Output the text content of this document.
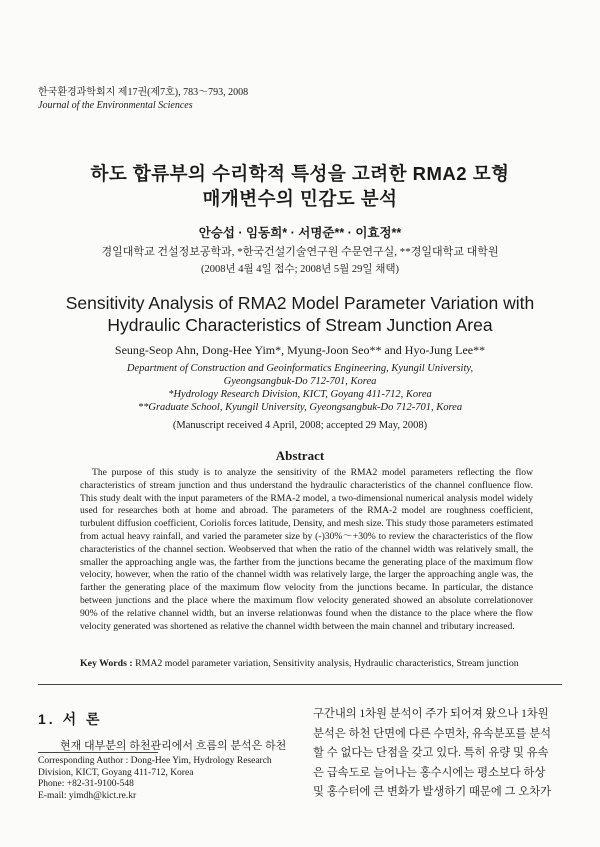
한국환경과학회지 제17권(제7호), 783～793, 2008
Journal of the Environmental Sciences
하도 합류부의 수리학적 특성을 고려한 RMA2 모형
매개변수의 민감도 분석
안승섭 · 임동희* · 서명준** · 이효정**
경일대학교 건설정보공학과, *한국건설기술연구원 수문연구실, **경일대학교 대학원
(2008년 4월 4일 접수; 2008년 5월 29일 채택)
Sensitivity Analysis of RMA2 Model Parameter Variation with
Hydraulic Characteristics of Stream Junction Area
Seung-Seop Ahn, Dong-Hee Yim*, Myung-Joon Seo** and Hyo-Jung Lee**
Department of Construction and Geoinformatics Engineering, Kyungil University,
Gyeongsangbuk-Do 712-701, Korea
*Hydrology Research Division, KICT, Goyang 411-712, Korea
**Graduate School, Kyungil University, Gyeongsangbuk-Do 712-701, Korea
(Manuscript received 4 April, 2008; accepted 29 May, 2008)
Abstract

The purpose of this study is to analyze the sensitivity of the RMA2 model parameters reflecting the flow characteristics of stream junction and thus understand the hydraulic characteristics of the channel confluence flow. This study dealt with the input parameters of the RMA-2 model, a two-dimensional numerical analysis model widely used for researches both at home and abroad. The parameters of the RMA-2 model are roughness coefficient, turbulent diffusion coefficient, Coriolis forces latitude, Density, and mesh size. This study those parameters estimated from actual heavy rainfall, and varied the parameter size by (-)30%～+30% to review the characteristics of the flow characteristics of the channel section. Weobserved that when the ratio of the channel width was relatively small, the smaller the approaching angle was, the farther from the junctions became the generating place of the maximum flow velocity, however, when the ratio of the channel width was relatively large, the larger the approaching angle was, the farther the generating place of the maximum flow velocity from the junctions became. In particular, the distance between junctions and the place where the maximum flow velocity generated showed an absolute correlationover 90% of the relative channel width, but an inverse relationwas found when the distance to the place where the flow velocity generated was shortened as relative the channel width between the main channel and tributary increased.

Key Words : RMA2 model parameter variation, Sensitivity analysis, Hydraulic characteristics, Stream junction
1. 서 론
현재 대부분의 하천관리에서 흐름의 분석은 하천
Corresponding Author : Dong-Hee Yim, Hydrology Research
Division, KICT, Goyang 411-712, Korea
Phone: +82-31-9100-548
E-mail: yimdh@kict.re.kr
구간내의 1차원 분석이 주가 되어져 왔으나 1차원
분석은 하천 단면에 다른 수면차, 유속분포를 분석
할 수 없다는 단점을 갖고 있다. 특히 유량 및 유속
은 급속도로 늘어나는 홍수시에는 평소보다 하상
및 홍수터에 큰 변화가 발생하기 때문에 그 오차가
